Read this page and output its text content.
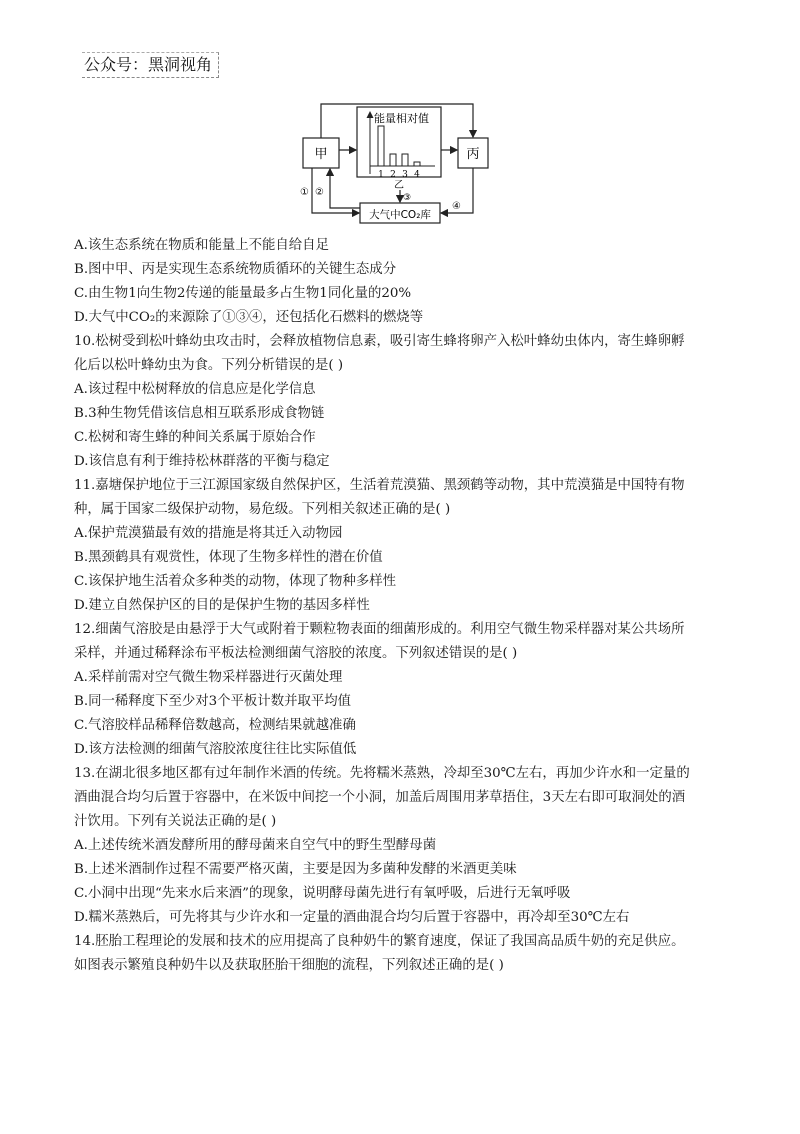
公众号：黑洞视角
甲	丙
大气中CO₂库
能量相对值
1 2 3 4
乙
① ②	③
④
A.该生态系统在物质和能量上不能自给自足
B.图中甲、丙是实现生态系统物质循环的关键生态成分
C.由生物1向生物2传递的能量最多占生物1同化量的20%
D.大气中CO₂的来源除了①③④，还包括化石燃料的燃烧等
10.松树受到松叶蜂幼虫攻击时，会释放植物信息素，吸引寄生蜂将卵产入松叶蜂幼虫体内，寄生蜂卵孵
化后以松叶蜂幼虫为食。下列分析错误的是( )
A.该过程中松树释放的信息应是化学信息
B.3种生物凭借该信息相互联系形成食物链
C.松树和寄生蜂的种间关系属于原始合作
D.该信息有利于维持松林群落的平衡与稳定
11.嘉塘保护地位于三江源国家级自然保护区，生活着荒漠猫、黑颈鹤等动物，其中荒漠猫是中国特有物
种，属于国家二级保护动物，易危级。下列相关叙述正确的是( )
A.保护荒漠猫最有效的措施是将其迁入动物园
B.黑颈鹤具有观赏性，体现了生物多样性的潜在价值
C.该保护地生活着众多种类的动物，体现了物种多样性
D.建立自然保护区的目的是保护生物的基因多样性
12.细菌气溶胶是由悬浮于大气或附着于颗粒物表面的细菌形成的。利用空气微生物采样器对某公共场所
采样，并通过稀释涂布平板法检测细菌气溶胶的浓度。下列叙述错误的是( )
A.采样前需对空气微生物采样器进行灭菌处理
B.同一稀释度下至少对3个平板计数并取平均值
C.气溶胶样品稀释倍数越高，检测结果就越准确
D.该方法检测的细菌气溶胶浓度往往比实际值低
13.在湖北很多地区都有过年制作米酒的传统。先将糯米蒸熟，冷却至30℃左右，再加少许水和一定量的
酒曲混合均匀后置于容器中，在米饭中间挖一个小洞，加盖后周围用茅草捂住，3天左右即可取洞处的酒
汁饮用。下列有关说法正确的是( )
A.上述传统米酒发酵所用的酵母菌来自空气中的野生型酵母菌
B.上述米酒制作过程不需要严格灭菌，主要是因为多菌种发酵的米酒更美味
C.小洞中出现“先来水后来酒”的现象，说明酵母菌先进行有氧呼吸，后进行无氧呼吸
D.糯米蒸熟后，可先将其与少许水和一定量的酒曲混合均匀后置于容器中，再冷却至30℃左右
14.胚胎工程理论的发展和技术的应用提高了良种奶牛的繁育速度，保证了我国高品质牛奶的充足供应。
如图表示繁殖良种奶牛以及获取胚胎干细胞的流程，下列叙述正确的是( )
